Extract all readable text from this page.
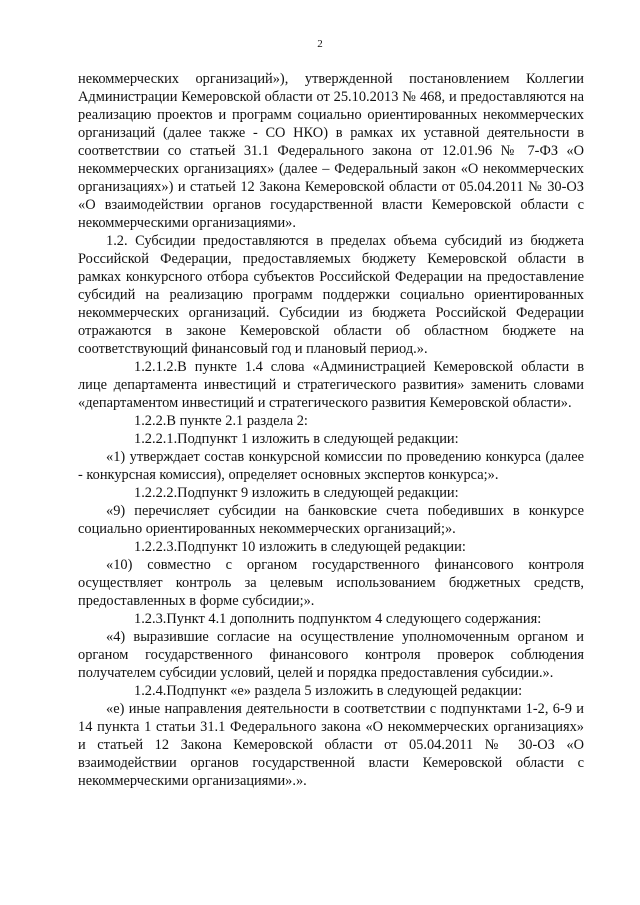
2

некоммерческих организаций»), утвержденной постановлением Коллегии Администрации Кемеровской области от 25.10.2013 № 468, и предоставляются на реализацию проектов и программ социально ориентированных некоммерческих организаций (далее также - СО НКО) в рамках их уставной деятельности в соответствии со статьей 31.1 Федерального закона от 12.01.96 № 7-ФЗ «О некоммерческих организациях» (далее – Федеральный закон «О некоммерческих организациях») и статьей 12 Закона Кемеровской области от 05.04.2011 № 30-ОЗ «О взаимодействии органов государственной власти Кемеровской области с некоммерческими организациями».

1.2. Субсидии предоставляются в пределах объема субсидий из бюджета Российской Федерации, предоставляемых бюджету Кемеровской области в рамках конкурсного отбора субъектов Российской Федерации на предоставление субсидий на реализацию программ поддержки социально ориентированных некоммерческих организаций. Субсидии из бюджета Российской Федерации отражаются в законе Кемеровской области об областном бюджете на соответствующий финансовый год и плановый период.».

1.2.1.2.В пункте 1.4 слова «Администрацией Кемеровской области в лице департамента инвестиций и стратегического развития» заменить словами «департаментом инвестиций и стратегического развития Кемеровской области».

1.2.2.В пункте 2.1 раздела 2:

1.2.2.1.Подпункт 1 изложить в следующей редакции:

«1) утверждает состав конкурсной комиссии по проведению конкурса (далее - конкурсная комиссия), определяет основных экспертов конкурса;».

1.2.2.2.Подпункт 9 изложить в следующей редакции:

«9) перечисляет субсидии на банковские счета победивших в конкурсе социально ориентированных некоммерческих организаций;».

1.2.2.3.Подпункт 10 изложить в следующей редакции:

«10) совместно с органом государственного финансового контроля осуществляет контроль за целевым использованием бюджетных средств, предоставленных в форме субсидии;».

1.2.3.Пункт 4.1 дополнить подпунктом 4 следующего содержания:

«4) выразившие согласие на осуществление уполномоченным органом и органом государственного финансового контроля проверок соблюдения получателем субсидии условий, целей и порядка предоставления субсидии.».

1.2.4.Подпункт «е» раздела 5 изложить в следующей редакции:

«е) иные направления деятельности в соответствии с подпунктами 1-2, 6-9 и 14 пункта 1 статьи 31.1 Федерального закона «О некоммерческих организациях» и статьей 12 Закона Кемеровской области от 05.04.2011 № 30-ОЗ «О взаимодействии органов государственной власти Кемеровской области с некоммерческими организациями».».
